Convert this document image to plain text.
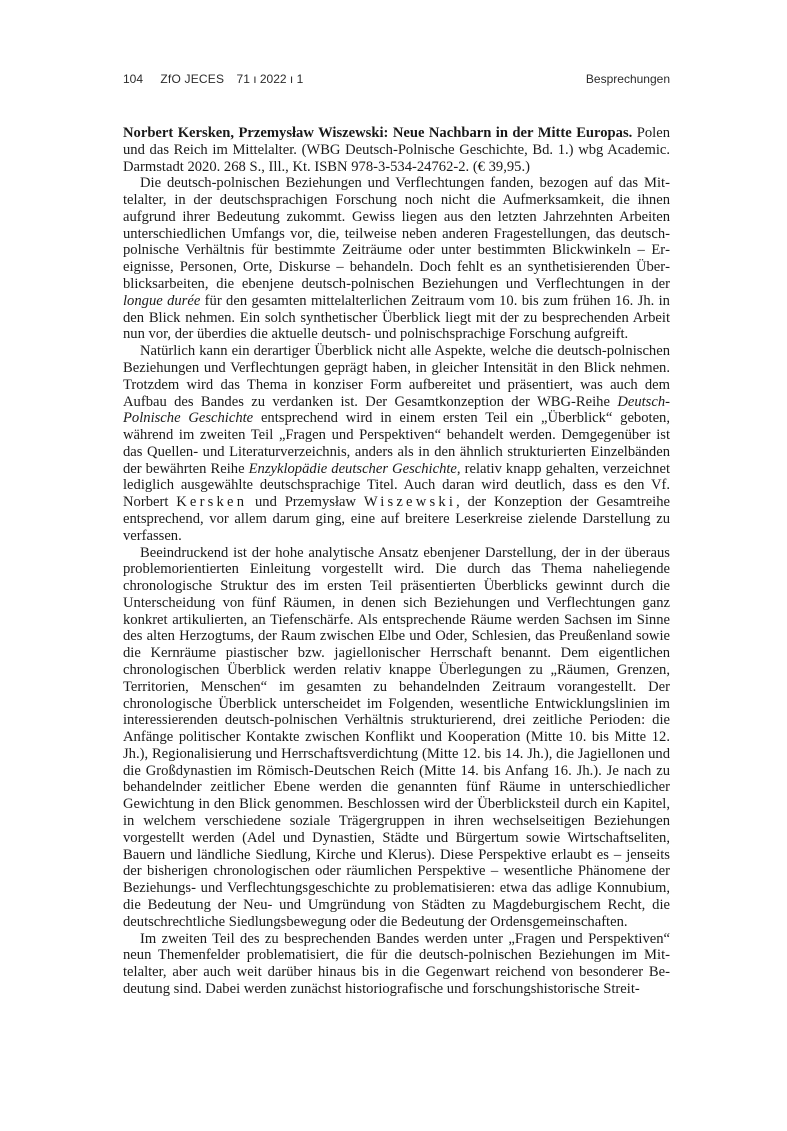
104 ZfO JECES 71 ı 2022 ı 1	Besprechungen

Norbert Kersken, Przemysław Wiszewski: Neue Nachbarn in der Mitte Europas. Polen und das Reich im Mittelalter. (WBG Deutsch-Polnische Geschichte, Bd. 1.) wbg Academic. Darmstadt 2020. 268 S., Ill., Kt. ISBN 978-3-534-24762-2. (€ 39,95.)

Die deutsch-polnischen Beziehungen und Verflechtungen fanden, bezogen auf das Mittelalter, in der deutschsprachigen Forschung noch nicht die Aufmerksamkeit, die ihnen aufgrund ihrer Bedeutung zukommt. Gewiss liegen aus den letzten Jahrzehnten Arbeiten unterschiedlichen Umfangs vor, die, teilweise neben anderen Fragestellungen, das deutschpolnische Verhältnis für bestimmte Zeiträume oder unter bestimmten Blickwinkeln – Ereignisse, Personen, Orte, Diskurse – behandeln. Doch fehlt es an synthetisierenden Überblicksarbeiten, die ebenjene deutsch-polnischen Beziehungen und Verflechtungen in der longue durée für den gesamten mittelalterlichen Zeitraum vom 10. bis zum frühen 16. Jh. in den Blick nehmen. Ein solch synthetischer Überblick liegt mit der zu besprechenden Arbeit nun vor, der überdies die aktuelle deutsch- und polnischsprachige Forschung aufgreift.

Natürlich kann ein derartiger Überblick nicht alle Aspekte, welche die deutsch-polnischen Beziehungen und Verflechtungen geprägt haben, in gleicher Intensität in den Blick nehmen. Trotzdem wird das Thema in konziser Form aufbereitet und präsentiert, was auch dem Aufbau des Bandes zu verdanken ist. Der Gesamtkonzeption der WBG-Reihe Deutsch-Polnische Geschichte entsprechend wird in einem ersten Teil ein „Überblick“ geboten, während im zweiten Teil „Fragen und Perspektiven“ behandelt werden. Demgegenüber ist das Quellen- und Literaturverzeichnis, anders als in den ähnlich strukturierten Einzelbänden der bewährten Reihe Enzyklopädie deutscher Geschichte, relativ knapp gehalten, verzeichnet lediglich ausgewählte deutschsprachige Titel. Auch daran wird deutlich, dass es den Vf. Norbert Kersken und Przemysław Wiszewski, der Konzeption der Gesamtreihe entsprechend, vor allem darum ging, eine auf breitere Leserkreise zielende Darstellung zu verfassen.

Beeindruckend ist der hohe analytische Ansatz ebenjener Darstellung, der in der überaus problemorientierten Einleitung vorgestellt wird. Die durch das Thema naheliegende chronologische Struktur des im ersten Teil präsentierten Überblicks gewinnt durch die Unterscheidung von fünf Räumen, in denen sich Beziehungen und Verflechtungen ganz konkret artikulierten, an Tiefenschärfe. Als entsprechende Räume werden Sachsen im Sinne des alten Herzogtums, der Raum zwischen Elbe und Oder, Schlesien, das Preußenland sowie die Kernräume piastischer bzw. jagiellonischer Herrschaft benannt. Dem eigentlichen chronologischen Überblick werden relativ knappe Überlegungen zu „Räumen, Grenzen, Territorien, Menschen“ im gesamten zu behandelnden Zeitraum vorangestellt. Der chronologische Überblick unterscheidet im Folgenden, wesentliche Entwicklungslinien im interessierenden deutsch-polnischen Verhältnis strukturierend, drei zeitliche Perioden: die Anfänge politischer Kontakte zwischen Konflikt und Kooperation (Mitte 10. bis Mitte 12. Jh.), Regionalisierung und Herrschaftsverdichtung (Mitte 12. bis 14. Jh.), die Jagiellonen und die Großdynastien im Römisch-Deutschen Reich (Mitte 14. bis Anfang 16. Jh.). Je nach zu behandelnder zeitlicher Ebene werden die genannten fünf Räume in unterschiedlicher Gewichtung in den Blick genommen. Beschlossen wird der Überblicksteil durch ein Kapitel, in welchem verschiedene soziale Trägergruppen in ihren wechselseitigen Beziehungen vorgestellt werden (Adel und Dynastien, Städte und Bürgertum sowie Wirtschaftseliten, Bauern und ländliche Siedlung, Kirche und Klerus). Diese Perspektive erlaubt es – jenseits der bisherigen chronologischen oder räumlichen Perspektive – wesentliche Phänomene der Beziehungs- und Verflechtungsgeschichte zu problematisieren: etwa das adlige Konnubium, die Bedeutung der Neu- und Umgründung von Städten zu Magdeburgischem Recht, die deutschrechtliche Siedlungsbewegung oder die Bedeutung der Ordensgemeinschaften.

Im zweiten Teil des zu besprechenden Bandes werden unter „Fragen und Perspektiven“ neun Themenfelder problematisiert, die für die deutsch-polnischen Beziehungen im Mittelalter, aber auch weit darüber hinaus bis in die Gegenwart reichend von besonderer Bedeutung sind. Dabei werden zunächst historiografische und forschungshistorische Streit-
